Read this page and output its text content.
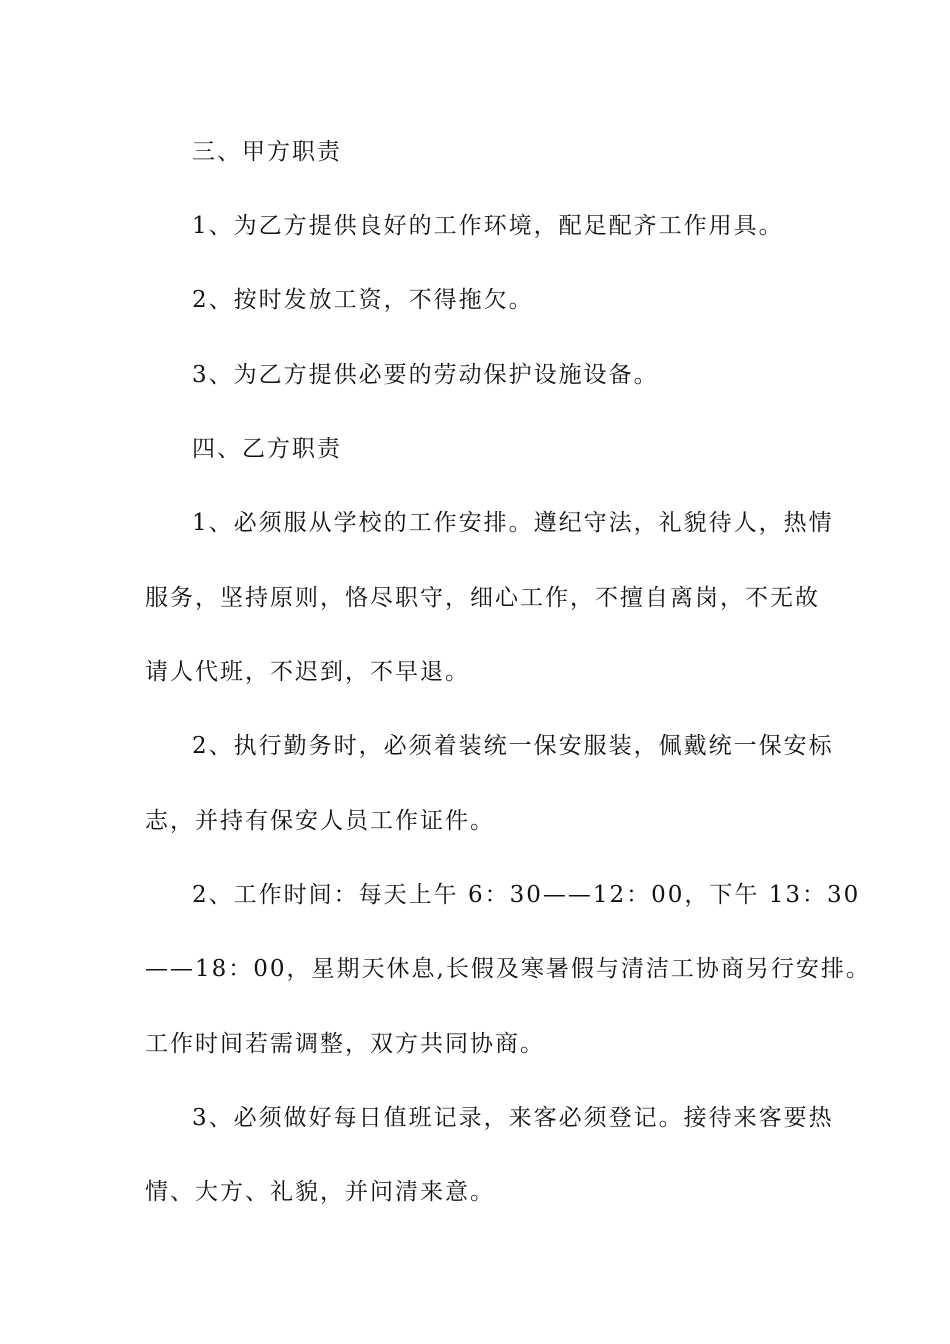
三、甲方职责
1、为乙方提供良好的工作环境，配足配齐工作用具。
2、按时发放工资，不得拖欠。
3、为乙方提供必要的劳动保护设施设备。
四、乙方职责
1、必须服从学校的工作安排。遵纪守法，礼貌待人，热情
服务，坚持原则，恪尽职守，细心工作，不擅自离岗，不无故
请人代班，不迟到，不早退。
2、执行勤务时，必须着装统一保安服装，佩戴统一保安标
志，并持有保安人员工作证件。
2、工作时间：每天上午 6：30——12：00，下午 13：30
——18：00，星期天休息,长假及寒暑假与清洁工协商另行安排。
工作时间若需调整，双方共同协商。
3、必须做好每日值班记录，来客必须登记。接待来客要热
情、大方、礼貌，并问清来意。
